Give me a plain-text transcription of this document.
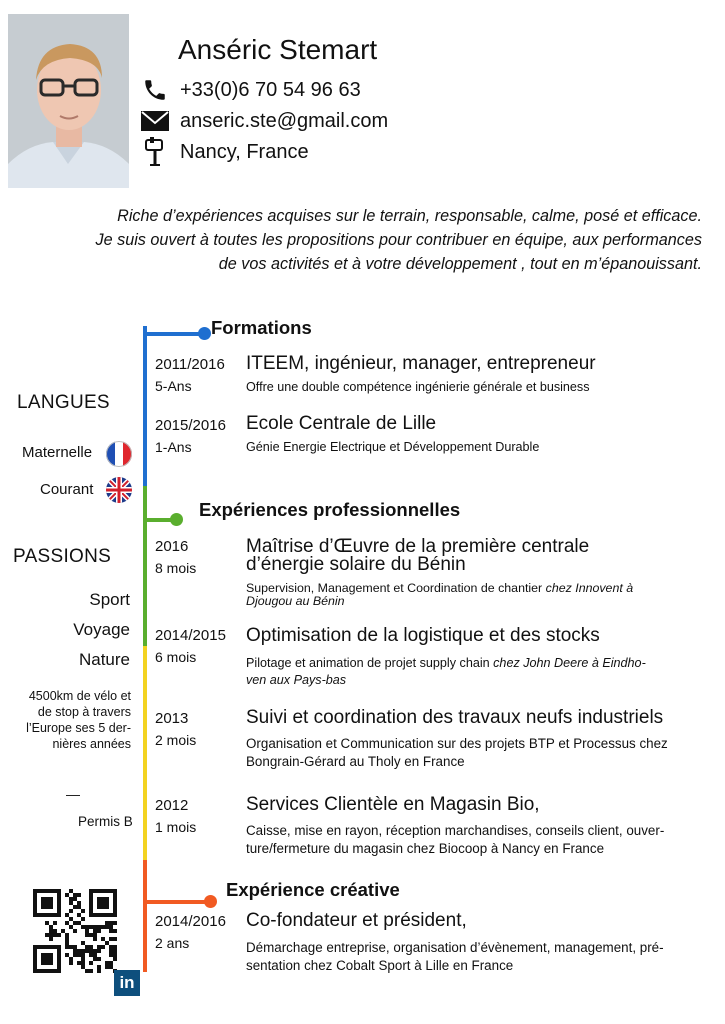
Anséric Stemart
+33(0)6 70 54 96 63
anseric.ste@gmail.com
Nancy, France
Riche d’expériences acquises sur le terrain, responsable, calme, posé et efficace.
Je suis ouvert à toutes les propositions pour contribuer en équipe, aux performances
de vos activités et à votre développement , tout en m’épanouissant.
LANGUES
Maternelle
Courant
PASSIONS
Sport
Voyage
Nature
4500km de vélo et
de stop à travers
l’Europe ses 5 der-
nières années
—
Permis B
in
Formations
2011/2016
5-Ans
ITEEM, ingénieur, manager, entrepreneur
Offre une double compétence ingénierie générale et business
2015/2016
1-Ans
Ecole Centrale de Lille
Génie Energie Electrique et Développement Durable
Expériences professionnelles
2016
8 mois
Maîtrise d’Œuvre de la première centrale
d’énergie solaire du Bénin
Supervision, Management et Coordination de chantier chez Innovent à
Djougou au Bénin
2014/2015
6 mois
Optimisation de la logistique et des stocks
Pilotage et animation de projet supply chain chez John Deere à Eindho-
ven aux Pays-bas
2013
2 mois
Suivi et coordination des travaux neufs industriels
Organisation et Communication sur des projets BTP et Processus chez
Bongrain-Gérard au Tholy en France
2012
1 mois
Services Clientèle en Magasin Bio,
Caisse, mise en rayon, réception marchandises, conseils client, ouver-
ture/fermeture du magasin chez Biocoop à Nancy en France
Expérience créative
2014/2016
2 ans
Co-fondateur et président,
Démarchage entreprise, organisation d’évènement, management, pré-
sentation chez Cobalt Sport à Lille en France
